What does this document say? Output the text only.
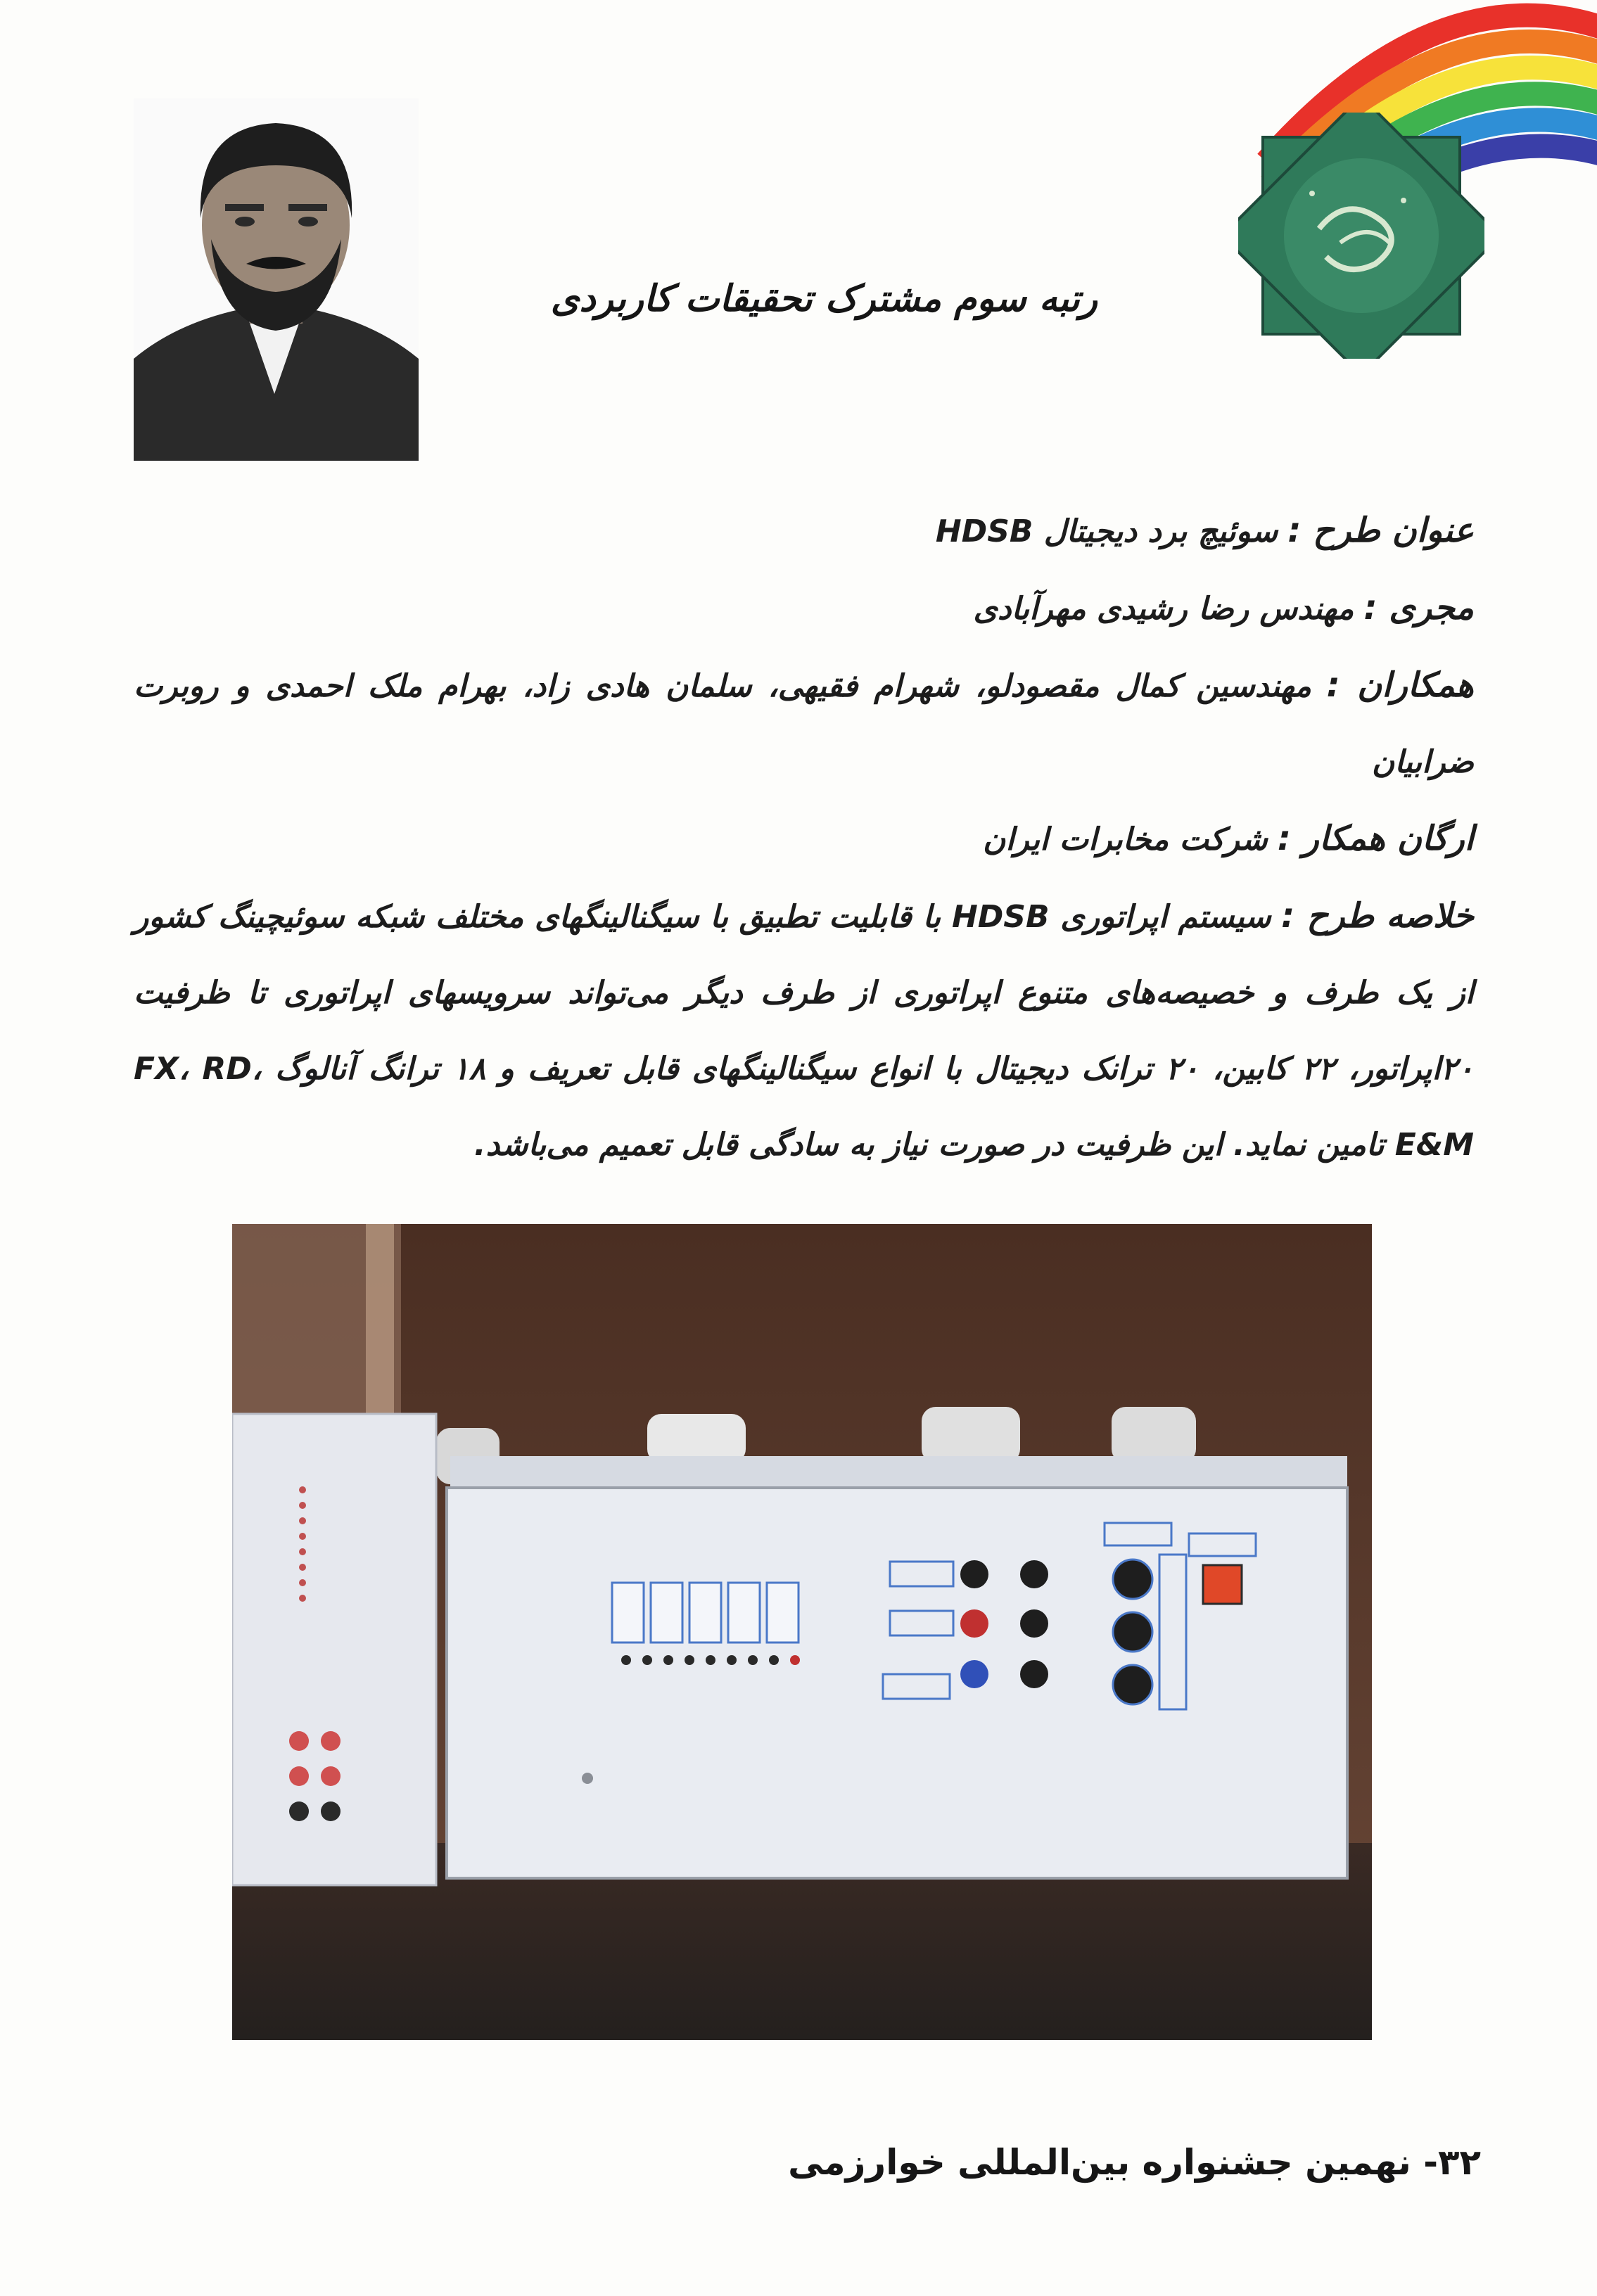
رتبه سوم مشترک تحقیقات کاربردی
عنوان طرح : سوئیچ برد دیجیتال HDSB
مجری : مهندس رضا رشیدی مهرآبادی
همکاران : مهندسین کمال مقصودلو، شهرام فقیهی، سلمان هادی زاد، بهرام ملک احمدی و روبرت ضرابیان
ارگان همکار : شرکت مخابرات ایران
خلاصه طرح : سیستم اپراتوری HDSB با قابلیت تطبیق با سیگنالینگهای مختلف شبکه سوئیچینگ کشور از یک طرف و خصیصه‌های متنوع اپراتوری از طرف دیگر می‌تواند سرویسهای اپراتوری تا ظرفیت ۲۰اپراتور، ۲۲ کابین، ۲۰ ترانک دیجیتال با انواع سیگنالینگهای قابل تعریف و ۱۸ ترانگ آنالوگ FX، RD، E&M تامین نماید. این ظرفیت در صورت نیاز به سادگی قابل تعمیم می‌باشد.
۳۲- نهمین جشنواره بین‌المللی خوارزمی
